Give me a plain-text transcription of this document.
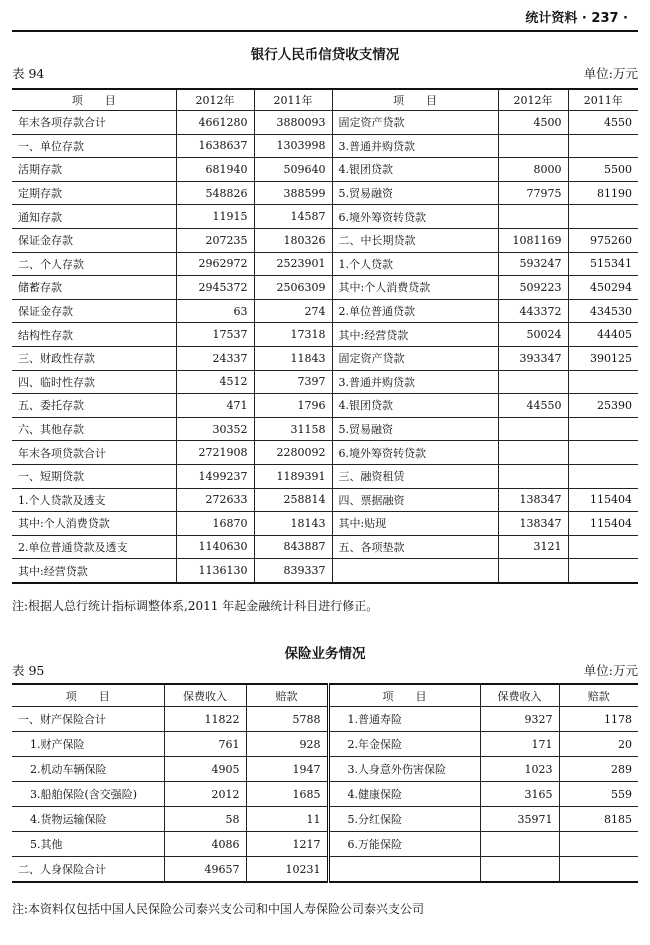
统计资料 · 237 ·
银行人民币信贷收支情况
表 94	单位:万元
项　　目	2012年	2011年	项　　目	2012年	2011年
年末各项存款合计	4661280	3880093	固定资产贷款	4500	4550
一、单位存款	1638637	1303998	3.普通并购贷款		
活期存款	681940	509640	4.银团贷款	8000	5500
定期存款	548826	388599	5.贸易融资	77975	81190
通知存款	11915	14587	6.境外筹资转贷款		
保证金存款	207235	180326	二、中长期贷款	1081169	975260
二、个人存款	2962972	2523901	1.个人贷款	593247	515341
储蓄存款	2945372	2506309	其中:个人消费贷款	509223	450294
保证金存款	63	274	2.单位普通贷款	443372	434530
结构性存款	17537	17318	其中:经营贷款	50024	44405
三、财政性存款	24337	11843	固定资产贷款	393347	390125
四、临时性存款	4512	7397	3.普通并购贷款		
五、委托存款	471	1796	4.银团贷款	44550	25390
六、其他存款	30352	31158	5.贸易融资		
年末各项贷款合计	2721908	2280092	6.境外筹资转贷款		
一、短期贷款	1499237	1189391	三、融资租赁		
1.个人贷款及透支	272633	258814	四、票据融资	138347	115404
其中:个人消费贷款	16870	18143	其中:贴现	138347	115404
2.单位普通贷款及透支	1140630	843887	五、各项垫款	3121	
其中:经营贷款	1136130	839337			
注:根据人总行统计指标调整体系,2011 年起金融统计科目进行修正。
保险业务情况
表 95	单位:万元
项　　目	保费收入	赔款	项　　目	保费收入	赔款
一、财产保险合计	11822	5788	1.普通寿险	9327	1178
1.财产保险	761	928	2.年金保险	171	20
2.机动车辆保险	4905	1947	3.人身意外伤害保险	1023	289
3.船舶保险(含交强险)	2012	1685	4.健康保险	3165	559
4.货物运输保险	58	11	5.分红保险	35971	8185
5.其他	4086	1217	6.万能保险		
二、人身保险合计	49657	10231			
注:本资料仅包括中国人民保险公司泰兴支公司和中国人寿保险公司泰兴支公司
